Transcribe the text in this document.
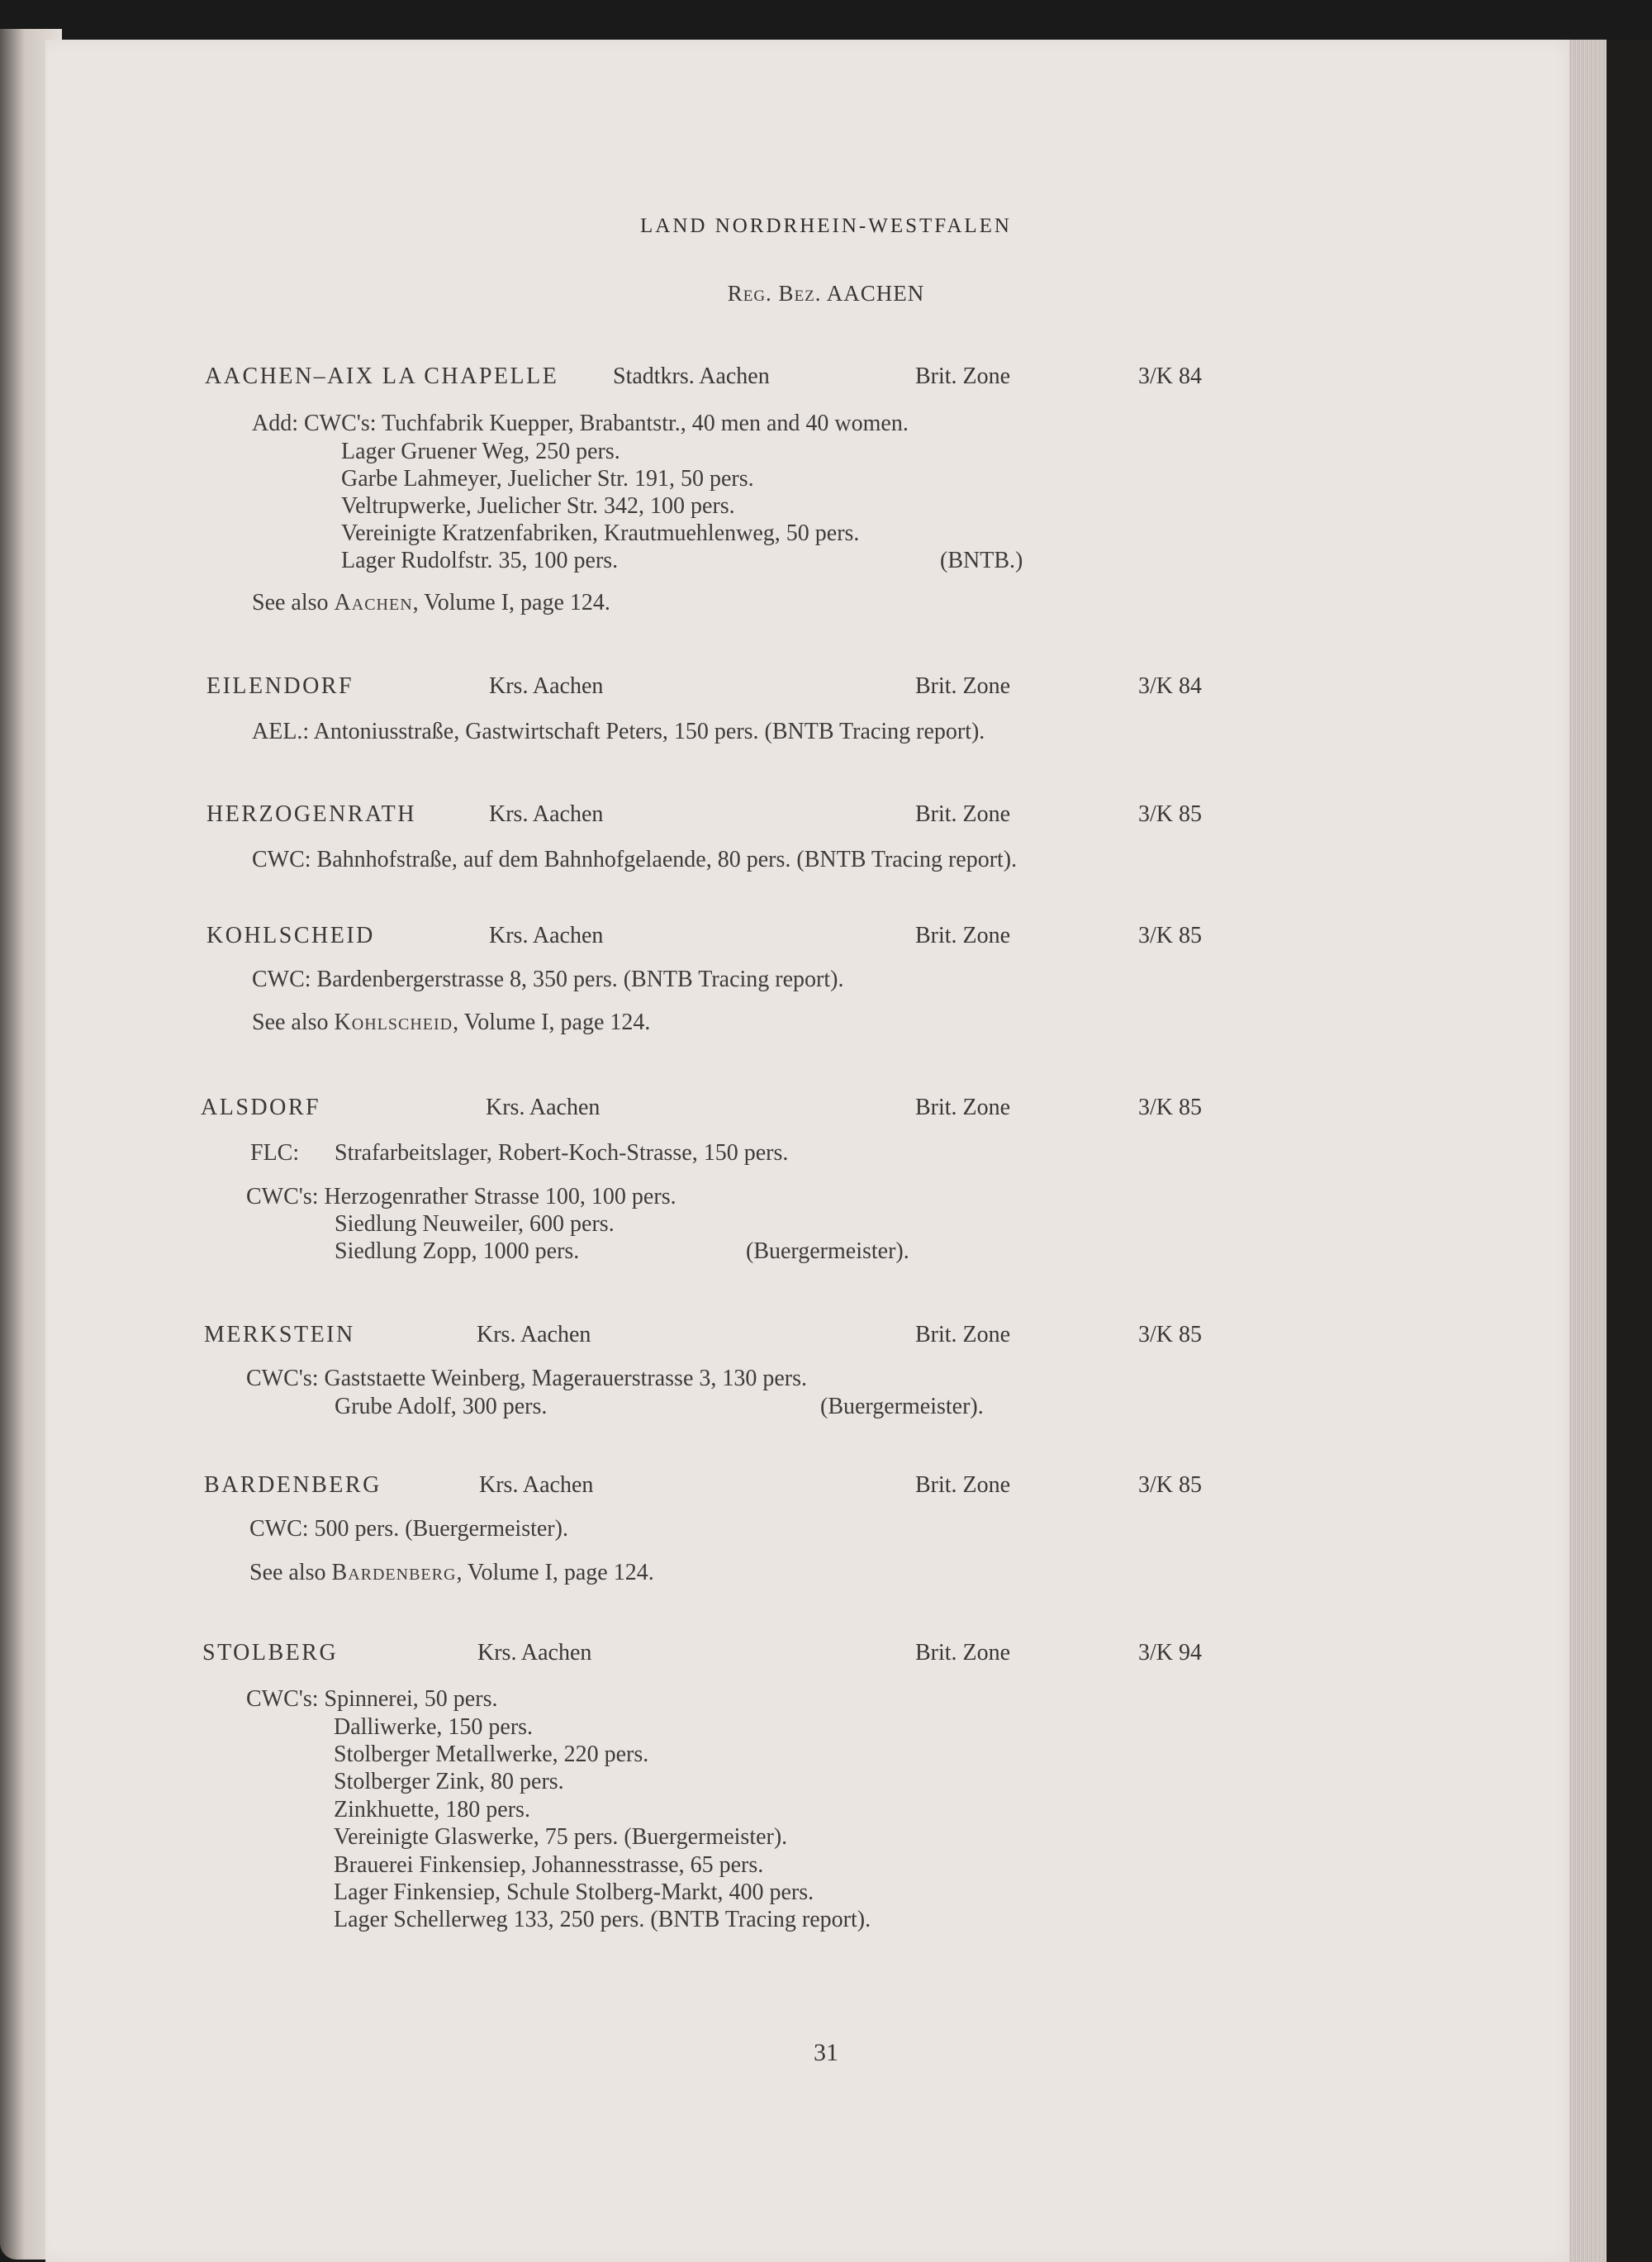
LAND NORDRHEIN-WESTFALEN
Reg. Bez. AACHEN
AACHEN–AIX LA CHAPELLE Stadtkrs. Aachen	Brit. Zone	3/K 84
Add: CWC's: Tuchfabrik Kuepper, Brabantstr., 40 men and 40 women.
Lager Gruener Weg, 250 pers.
Garbe Lahmeyer, Juelicher Str. 191, 50 pers.
Veltrupwerke, Juelicher Str. 342, 100 pers.
Vereinigte Kratzenfabriken, Krautmuehlenweg, 50 pers.
Lager Rudolfstr. 35, 100 pers.	(BNTB.)
See also Aachen, Volume I, page 124.
EILENDORF	Krs. Aachen	Brit. Zone	3/K 84
AEL.: Antoniusstraße, Gastwirtschaft Peters, 150 pers. (BNTB Tracing report).
HERZOGENRATH	Krs. Aachen	Brit. Zone	3/K 85
CWC: Bahnhofstraße, auf dem Bahnhofgelaende, 80 pers. (BNTB Tracing report).
KOHLSCHEID	Krs. Aachen	Brit. Zone	3/K 85
CWC: Bardenbergerstrasse 8, 350 pers. (BNTB Tracing report).
See also Kohlscheid, Volume I, page 124.
ALSDORF	Krs. Aachen	Brit. Zone	3/K 85
FLC: Strafarbeitslager, Robert-Koch-Strasse, 150 pers.
CWC's: Herzogenrather Strasse 100, 100 pers.
Siedlung Neuweiler, 600 pers.
Siedlung Zopp, 1000 pers.	(Buergermeister).
MERKSTEIN	Krs. Aachen	Brit. Zone	3/K 85
CWC's: Gaststaette Weinberg, Magerauerstrasse 3, 130 pers.
Grube Adolf, 300 pers.	(Buergermeister).
BARDENBERG	Krs. Aachen	Brit. Zone	3/K 85
CWC: 500 pers. (Buergermeister).
See also Bardenberg, Volume I, page 124.
STOLBERG	Krs. Aachen	Brit. Zone	3/K 94
CWC's: Spinnerei, 50 pers.
Dalliwerke, 150 pers.
Stolberger Metallwerke, 220 pers.
Stolberger Zink, 80 pers.
Zinkhuette, 180 pers.
Vereinigte Glaswerke, 75 pers. (Buergermeister).
Brauerei Finkensiep, Johannesstrasse, 65 pers.
Lager Finkensiep, Schule Stolberg-Markt, 400 pers.
Lager Schellerweg 133, 250 pers. (BNTB Tracing report).
31
